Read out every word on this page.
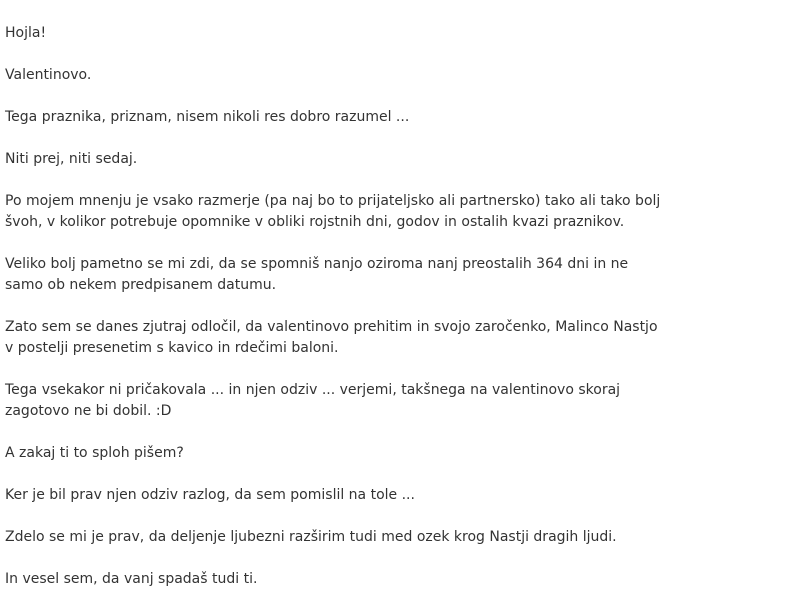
Hojla!

Valentinovo.

Tega praznika, priznam, nisem nikoli res dobro razumel ...

Niti prej, niti sedaj.

Po mojem mnenju je vsako razmerje (pa naj bo to prijateljsko ali partnersko) tako ali tako bolj švoh, v kolikor potrebuje opomnike v obliki rojstnih dni, godov in ostalih kvazi praznikov.

Veliko bolj pametno se mi zdi, da se spomniš nanjo oziroma nanj preostalih 364 dni in ne samo ob nekem predpisanem datumu.

Zato sem se danes zjutraj odločil, da valentinovo prehitim in svojo zaročenko, Malinco Nastjo v postelji presenetim s kavico in rdečimi baloni.

Tega vsekakor ni pričakovala ... in njen odziv ... verjemi, takšnega na valentinovo skoraj zagotovo ne bi dobil. :D

A zakaj ti to sploh pišem?

Ker je bil prav njen odziv razlog, da sem pomislil na tole ...

Zdelo se mi je prav, da deljenje ljubezni razširim tudi med ozek krog Nastji dragih ljudi.

In vesel sem, da vanj spadaš tudi ti.
